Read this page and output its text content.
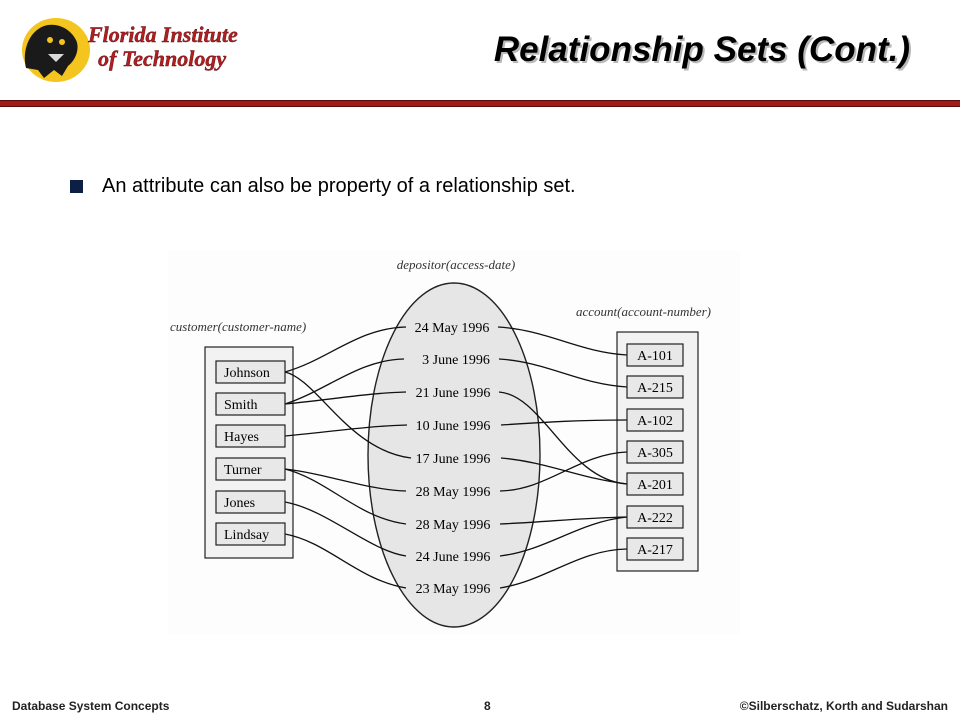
Florida Institute
of Technology	Relationship Sets (Cont.)
An attribute can also be property of a relationship set.
depositor(access-date)
customer(customer-name)
account(account-number)
Johnson
Smith
Hayes
Turner
Jones
Lindsay
24 May 1996
3 June 1996
21 June 1996
10 June 1996
17 June 1996
28 May 1996
28 May 1996
24 June 1996
23 May 1996
A-101
A-215
A-102
A-305
A-201
A-222
A-217
Database System Concepts	8	©Silberschatz, Korth and Sudarshan
